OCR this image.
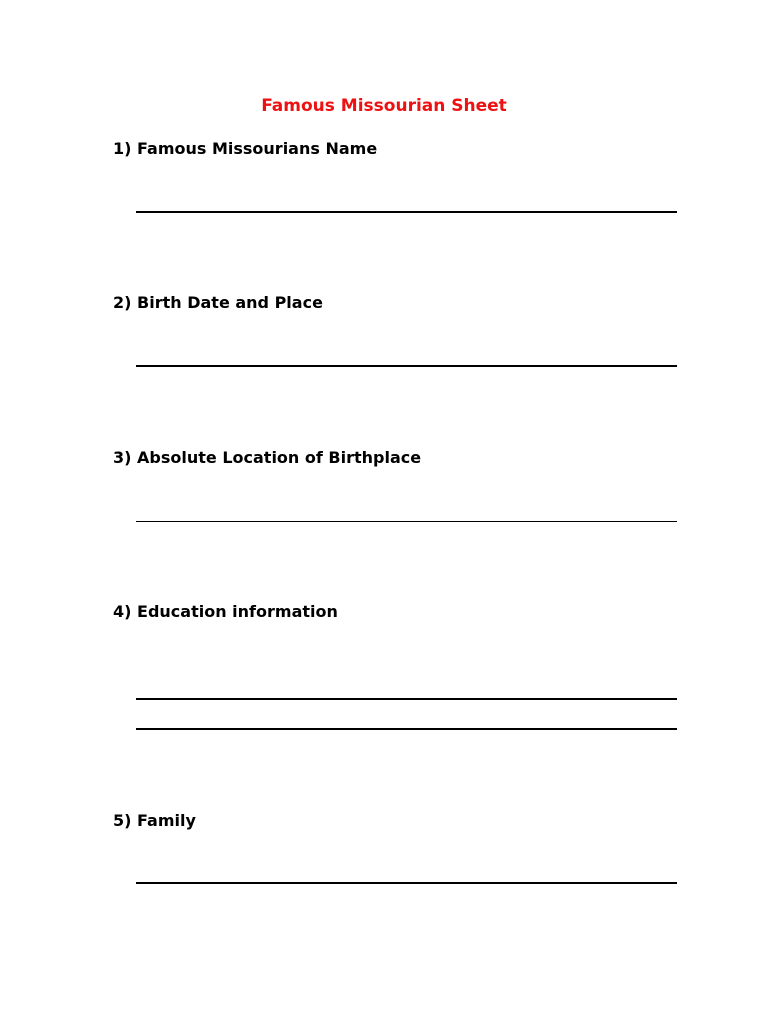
Famous Missourian Sheet
1) Famous Missourians Name
2) Birth Date and Place
3) Absolute Location of Birthplace
4) Education information
5) Family
